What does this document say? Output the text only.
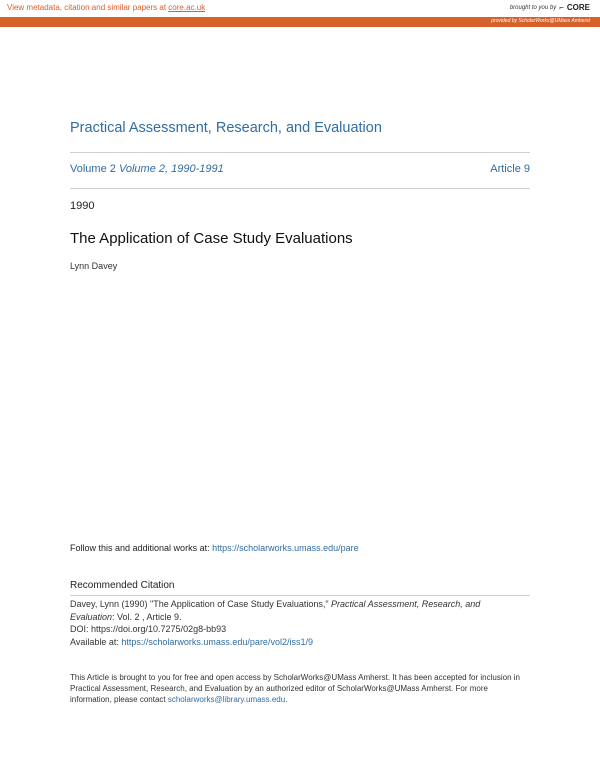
View metadata, citation and similar papers at core.ac.uk	brought to you by ⌐ CORE
provided by ScholarWorks@UMass Amherst
Practical Assessment, Research, and Evaluation
Volume 2 Volume 2, 1990-1991	Article 9
1990
The Application of Case Study Evaluations
Lynn Davey
Follow this and additional works at: https://scholarworks.umass.edu/pare
Recommended Citation

Davey, Lynn (1990) "The Application of Case Study Evaluations," Practical Assessment, Research, and

Evaluation: Vol. 2 , Article 9.

DOI: https://doi.org/10.7275/02g8-bb93

Available at: https://scholarworks.umass.edu/pare/vol2/iss1/9

This Article is brought to you for free and open access by ScholarWorks@UMass Amherst. It has been accepted for inclusion in Practical Assessment, Research, and Evaluation by an authorized editor of ScholarWorks@UMass Amherst. For more information, please contact scholarworks@library.umass.edu.
